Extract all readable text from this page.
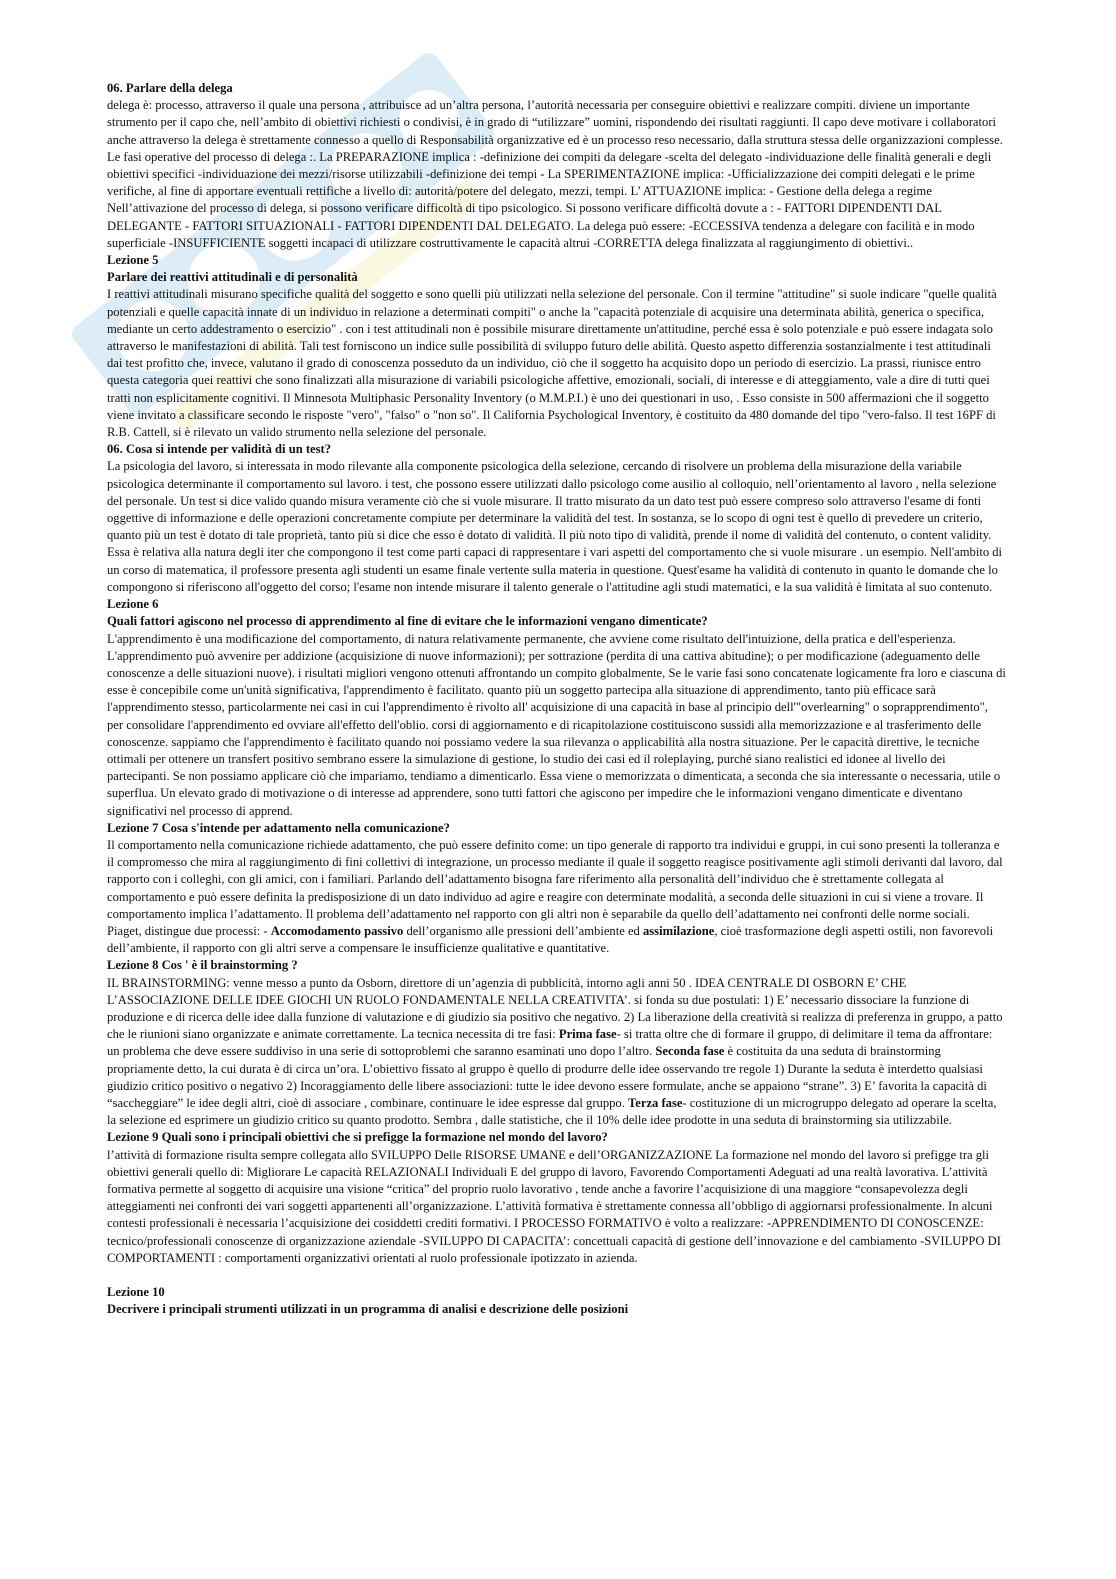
06. Parlare della delega

delega è: processo, attraverso il quale una persona , attribuisce ad un’altra persona, l’autorità necessaria per conseguire obiettivi e realizzare compiti. diviene un importante strumento per il capo che, nell’ambito di obiettivi richiesti o condivisi, è in grado di “utilizzare” uomini, rispondendo dei risultati raggiunti. Il capo deve motivare i collaboratori anche attraverso la delega è strettamente connesso a quello di Responsabilità organizzative ed è un processo reso necessario, dalla struttura stessa delle organizzazioni complesse. Le fasi operative del processo di delega :. La PREPARAZIONE implica : -definizione dei compiti da delegare -scelta del delegato -individuazione delle finalità generali e degli obiettivi specifici -individuazione dei mezzi/risorse utilizzabili -definizione dei tempi - La SPERIMENTAZIONE implica: -Ufficializzazione dei compiti delegati e le prime verifiche, al fine di apportare eventuali rettifiche a livello di: autorità/potere del delegato, mezzi, tempi. L’ ATTUAZIONE implica: - Gestione della delega a regime Nell’attivazione del processo di delega, si possono verificare difficoltà di tipo psicologico. Si possono verificare difficoltà dovute a : - FATTORI DIPENDENTI DAL DELEGANTE - FATTORI SITUAZIONALI - FATTORI DIPENDENTI DAL DELEGATO. La delega può essere: -ECCESSIVA tendenza a delegare con facilità e in modo superficiale -INSUFFICIENTE soggetti incapaci di utilizzare costruttivamente le capacità altrui -CORRETTA delega finalizzata al raggiungimento di obiettivi..

Lezione 5

Parlare dei reattivi attitudinali e di personalità

I reattivi attitudinali misurano specifiche qualità del soggetto e sono quelli più utilizzati nella selezione del personale. Con il termine "attitudine" si suole indicare "quelle qualità potenziali e quelle capacità innate di un individuo in relazione a determinati compiti" o anche la "capacità potenziale di acquisire una determinata abilità, generica o specifica, mediante un certo addestramento o esercizio" . con i test attitudinali non è possibile misurare direttamente un'attitudine, perché essa è solo potenziale e può essere indagata solo attraverso le manifestazioni di abilità. Tali test forniscono un indice sulle possibilità di sviluppo futuro delle abilità. Questo aspetto differenzia sostanzialmente i test attitudinali dai test profitto che, invece, valutano il grado di conoscenza posseduto da un individuo, ciò che il soggetto ha acquisito dopo un periodo di esercizio. La prassi, riunisce entro questa categoria quei reattivi che sono finalizzati alla misurazione di variabili psicologiche affettive, emozionali, sociali, di interesse e di atteggiamento, vale a dire di tutti quei tratti non esplicitamente cognitivi. Il Minnesota Multiphasic Personality Inventory (o M.M.P.I.) è uno dei questionari in uso, . Esso consiste in 500 affermazioni che il soggetto viene invitato a classificare secondo le risposte "vero", "falso" o "non so". Il California Psychological Inventory, è costituito da 480 domande del tipo "vero-falso. Il test 16PF di R.B. Cattell, si è rilevato un valido strumento nella selezione del personale.

06. Cosa si intende per validità di un test?

La psicologia del lavoro, si interessata in modo rilevante alla componente psicologica della selezione, cercando di risolvere un problema della misurazione della variabile psicologica determinante il comportamento sul lavoro. i test, che possono essere utilizzati dallo psicologo come ausilio al colloquio, nell’orientamento al lavoro , nella selezione del personale. Un test si dice valido quando misura veramente ciò che si vuole misurare. Il tratto misurato da un dato test può essere compreso solo attraverso l'esame di fonti oggettive di informazione e delle operazioni concretamente compiute per determinare la validità del test. In sostanza, se lo scopo di ogni test è quello di prevedere un criterio, quanto più un test è dotato di tale proprietà, tanto più si dice che esso è dotato di validità. Il più noto tipo di validità, prende il nome di validità del contenuto, o content validity. Essa è relativa alla natura degli iter che compongono il test come parti capaci di rappresentare i vari aspetti del comportamento che si vuole misurare . un esempio. Nell'ambito di un corso di matematica, il professore presenta agli studenti un esame finale vertente sulla materia in questione. Quest'esame ha validità di contenuto in quanto le domande che lo compongono si riferiscono all'oggetto del corso; l'esame non intende misurare il talento generale o l'attitudine agli studi matematici, e la sua validità è limitata al suo contenuto.

Lezione 6

Quali fattori agiscono nel processo di apprendimento al fine di evitare che le informazioni vengano dimenticate?

L'apprendimento è una modificazione del comportamento, di natura relativamente permanente, che avviene come risultato dell'intuizione, della pratica e dell'esperienza. L'apprendimento può avvenire per addizione (acquisizione di nuove informazioni); per sottrazione (perdita di una cattiva abitudine); o per modificazione (adeguamento delle conoscenze a delle situazioni nuove). i risultati migliori vengono ottenuti affrontando un compito globalmente, Se le varie fasi sono concatenate logicamente fra loro e ciascuna di esse è concepibile come un'unità significativa, l'apprendimento è facilitato. quanto più un soggetto partecipa alla situazione di apprendimento, tanto più efficace sarà l'apprendimento stesso, particolarmente nei casi in cui l'apprendimento è rivolto all' acquisizione di una capacità in base al principio dell'"overlearning" o soprapprendimento", per consolidare l'apprendimento ed ovviare all'effetto dell'oblio. corsi di aggiornamento e di ricapitolazione costituiscono sussidi alla memorizzazione e al trasferimento delle conoscenze. sappiamo che l'apprendimento è facilitato quando noi possiamo vedere la sua rilevanza o applicabilità alla nostra situazione. Per le capacità direttive, le tecniche ottimali per ottenere un transfert positivo sembrano essere la simulazione di gestione, lo studio dei casi ed il roleplaying, purché siano realistici ed idonee al livello dei partecipanti. Se non possiamo applicare ciò che impariamo, tendiamo a dimenticarlo. Essa viene o memorizzata o dimenticata, a seconda che sia interessante o necessaria, utile o superflua. Un elevato grado di motivazione o di interesse ad apprendere, sono tutti fattori che agiscono per impedire che le informazioni vengano dimenticate e diventano significativi nel processo di apprend.

Lezione 7 Cosa s'intende per adattamento nella comunicazione?

Il comportamento nella comunicazione richiede adattamento, che può essere definito come: un tipo generale di rapporto tra individui e gruppi, in cui sono presenti la tolleranza e il compromesso che mira al raggiungimento di fini collettivi di integrazione, un processo mediante il quale il soggetto reagisce positivamente agli stimoli derivanti dal lavoro, dal rapporto con i colleghi, con gli amici, con i familiari. Parlando dell’adattamento bisogna fare riferimento alla personalità dell’individuo che è strettamente collegata al comportamento e può essere definita la predisposizione di un dato individuo ad agire e reagire con determinate modalità, a seconda delle situazioni in cui si viene a trovare. Il comportamento implica l’adattamento. Il problema dell’adattamento nel rapporto con gli altri non è separabile da quello dell’adattamento nei confronti delle norme sociali. Piaget, distingue due processi: - Accomodamento passivo dell’organismo alle pressioni dell’ambiente ed assimilazione, cioè trasformazione degli aspetti ostili, non favorevoli dell’ambiente, il rapporto con gli altri serve a compensare le insufficienze qualitative e quantitative.

Lezione 8 Cos ' è il brainstorming ?

IL BRAINSTORMING: venne messo a punto da Osborn, direttore di un’agenzia di pubblicità, intorno agli anni 50 . IDEA CENTRALE DI OSBORN E’ CHE L’ASSOCIAZIONE DELLE IDEE GIOCHI UN RUOLO FONDAMENTALE NELLA CREATIVITA’. si fonda su due postulati: 1) E’ necessario dissociare la funzione di produzione e di ricerca delle idee dalla funzione di valutazione e di giudizio sia positivo che negativo. 2) La liberazione della creatività si realizza di preferenza in gruppo, a patto che le riunioni siano organizzate e animate correttamente. La tecnica necessita di tre fasi: Prima fase- si tratta oltre che di formare il gruppo, di delimitare il tema da affrontare: un problema che deve essere suddiviso in una serie di sottoproblemi che saranno esaminati uno dopo l’altro. Seconda fase è costituita da una seduta di brainstorming propriamente detto, la cui durata è di circa un’ora. L’obiettivo fissato al gruppo è quello di produrre delle idee osservando tre regole 1) Durante la seduta è interdetto qualsiasi giudizio critico positivo o negativo 2) Incoraggiamento delle libere associazioni: tutte le idee devono essere formulate, anche se appaiono “strane”. 3) E’ favorita la capacità di “saccheggiare” le idee degli altri, cioè di associare , combinare, continuare le idee espresse dal gruppo. Terza fase- costituzione di un microgruppo delegato ad operare la scelta, la selezione ed esprimere un giudizio critico su quanto prodotto. Sembra , dalle statistiche, che il 10% delle idee prodotte in una seduta di brainstorming sia utilizzabile.

Lezione 9 Quali sono i principali obiettivi che si prefigge la formazione nel mondo del lavoro?

l’attività di formazione risulta sempre collegata allo SVILUPPO Delle RISORSE UMANE e dell’ORGANIZZAZIONE La formazione nel mondo del lavoro si prefigge tra gli obiettivi generali quello di: Migliorare Le capacità RELAZIONALI Individuali E del gruppo di lavoro, Favorendo Comportamenti Adeguati ad una realtà lavorativa. L’attività formativa permette al soggetto di acquisire una visione “critica” del proprio ruolo lavorativo , tende anche a favorire l’acquisizione di una maggiore “consapevolezza degli atteggiamenti nei confronti dei vari soggetti appartenenti all’organizzazione. L’attività formativa è strettamente connessa all’obbligo di aggiornarsi professionalmente. In alcuni contesti professionali è necessaria l’acquisizione dei cosiddetti crediti formativi. I PROCESSO FORMATIVO è volto a realizzare: -APPRENDIMENTO DI CONOSCENZE: tecnico/professionali conoscenze di organizzazione aziendale -SVILUPPO DI CAPACITA’: concettuali capacità di gestione dell’innovazione e del cambiamento -SVILUPPO DI COMPORTAMENTI : comportamenti organizzativi orientati al ruolo professionale ipotizzato in azienda.

Lezione 10

Decrivere i principali strumenti utilizzati in un programma di analisi e descrizione delle posizioni
